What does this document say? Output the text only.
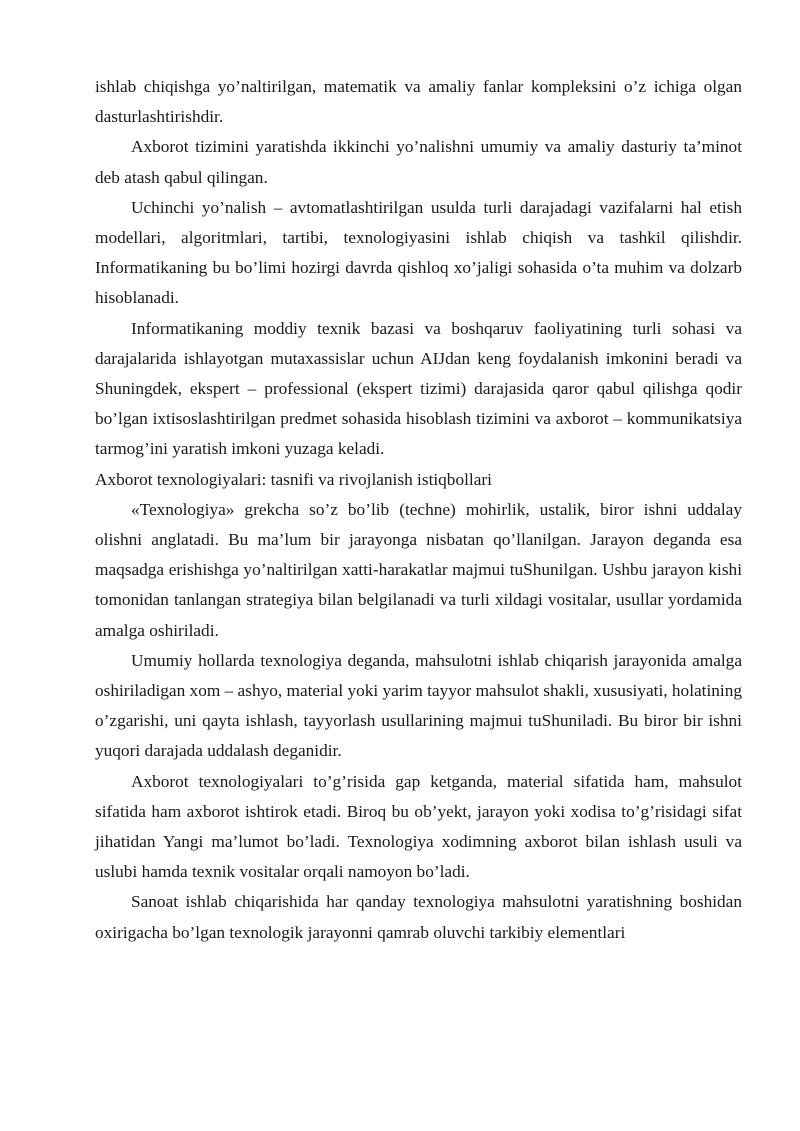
ishlab chiqishga yo’naltirilgan, matematik va amaliy fanlar kompleksini o’z ichiga olgan dasturlashtirishdir.

Axborot tizimini yaratishda ikkinchi yo’nalishni umumiy va amaliy dasturiy ta’minot deb atash qabul qilingan.

Uchinchi yo’nalish – avtomatlashtirilgan usulda turli darajadagi vazifalarni hal etish modellari, algoritmlari, tartibi, texnologiyasini ishlab chiqish va tashkil qilishdir. Informatikaning bu bo’limi hozirgi davrda qishloq xo’jaligi sohasida o’ta muhim va dolzarb hisoblanadi.

Informatikaning moddiy texnik bazasi va boshqaruv faoliyatining turli sohasi va darajalarida ishlayotgan mutaxassislar uchun AIJdan keng foydalanish imkonini beradi va Shuningdek, ekspert – professional (ekspert tizimi) darajasida qaror qabul qilishga qodir bo’lgan ixtisoslashtirilgan predmet sohasida hisoblash tizimini va axborot – kommunikatsiya tarmog’ini yaratish imkoni yuzaga keladi.

Axborot texnologiyalari: tasnifi va rivojlanish istiqbollari

«Texnologiya» grekcha so’z bo’lib (techne) mohirlik, ustalik, biror ishni uddalay olishni anglatadi. Bu ma’lum bir jarayonga nisbatan qo’llanilgan. Jarayon deganda esa maqsadga erishishga yo’naltirilgan xatti-harakatlar majmui tuShunilgan. Ushbu jarayon kishi tomonidan tanlangan strategiya bilan belgilanadi va turli xildagi vositalar, usullar yordamida amalga oshiriladi.

Umumiy hollarda texnologiya deganda, mahsulotni ishlab chiqarish jarayonida amalga oshiriladigan xom – ashyo, material yoki yarim tayyor mahsulot shakli, xususiyati, holatining o’zgarishi, uni qayta ishlash, tayyorlash usullarining majmui tuShuniladi. Bu biror bir ishni yuqori darajada uddalash deganidir.

Axborot texnologiyalari to’g’risida gap ketganda, material sifatida ham, mahsulot sifatida ham axborot ishtirok etadi. Biroq bu ob’yekt, jarayon yoki xodisa to’g’risidagi sifat jihatidan Yangi ma’lumot bo’ladi. Texnologiya xodimning axborot bilan ishlash usuli va uslubi hamda texnik vositalar orqali namoyon bo’ladi.

Sanoat ishlab chiqarishida har qanday texnologiya mahsulotni yaratishning boshidan oxirigacha bo’lgan texnologik jarayonni qamrab oluvchi tarkibiy elementlari
